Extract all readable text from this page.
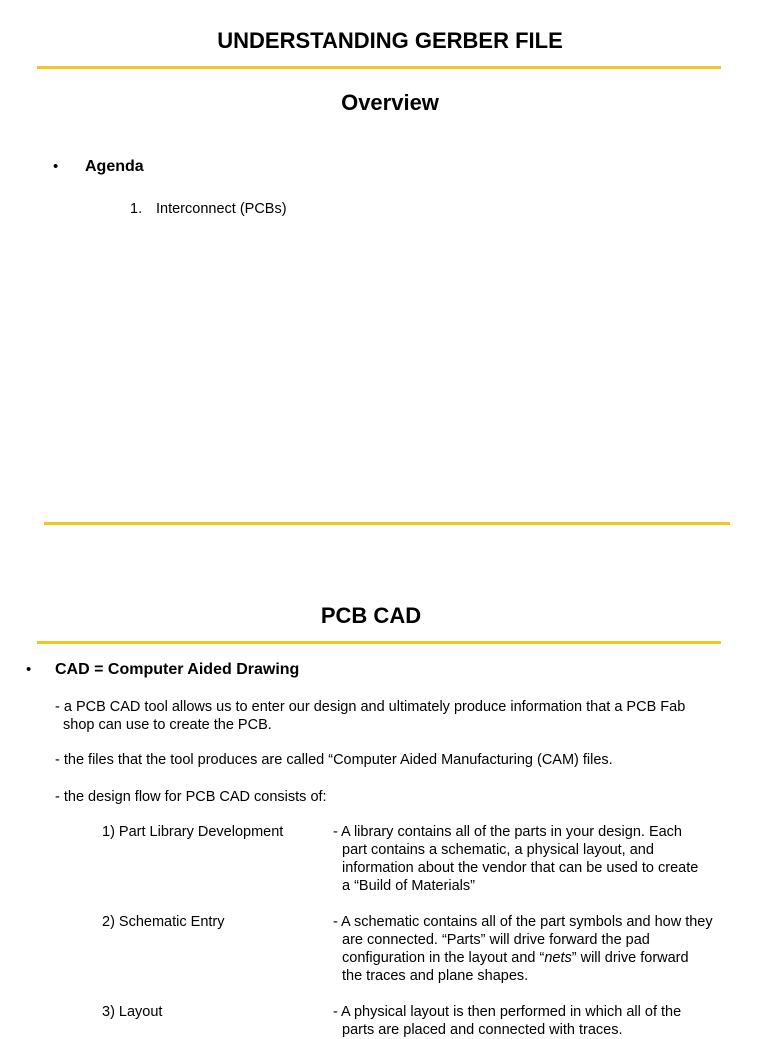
UNDERSTANDING GERBER FILE
Overview
• Agenda
1. Interconnect (PCBs)
PCB CAD
• CAD = Computer Aided Drawing
- a PCB CAD tool allows us to enter our design and ultimately produce information that a PCB Fab shop can use to create the PCB.
- the files that the tool produces are called “Computer Aided Manufacturing (CAM) files.
- the design flow for PCB CAD consists of:
1) Part Library Development	- A library contains all of the parts in your design. Each
part contains a schematic, a physical layout, and
information about the vendor that can be used to create
a “Build of Materials”
2) Schematic Entry	- A schematic contains all of the part symbols and how they
are connected. “Parts” will drive forward the pad
configuration in the layout and “nets” will drive forward
the traces and plane shapes.
3) Layout	- A physical layout is then performed in which all of the
parts are placed and connected with traces.
